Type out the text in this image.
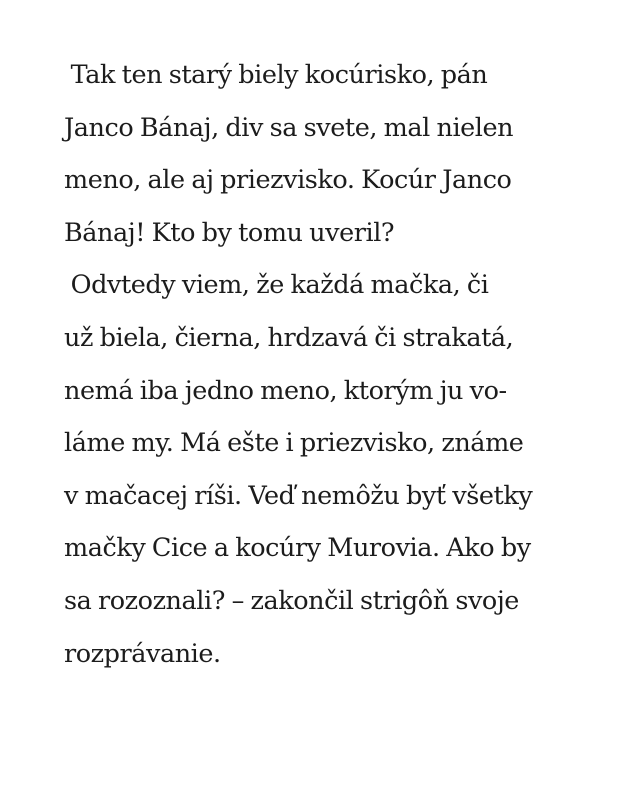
Tak ten starý biely kocúrisko, pán
Janco Bánaj, div sa svete, mal nielen
meno, ale aj priezvisko. Kocúr Janco
Bánaj! Kto by tomu uveril?
Odvtedy viem, že každá mačka, či
už biela, čierna, hrdzavá či strakatá,
nemá iba jedno meno, ktorým ju vo-
láme my. Má ešte i priezvisko, známe
v mačacej ríši. Veď nemôžu byť všetky
mačky Cice a kocúry Murovia. Ako by
sa rozoznali? – zakončil strigôň svoje
rozprávanie.
